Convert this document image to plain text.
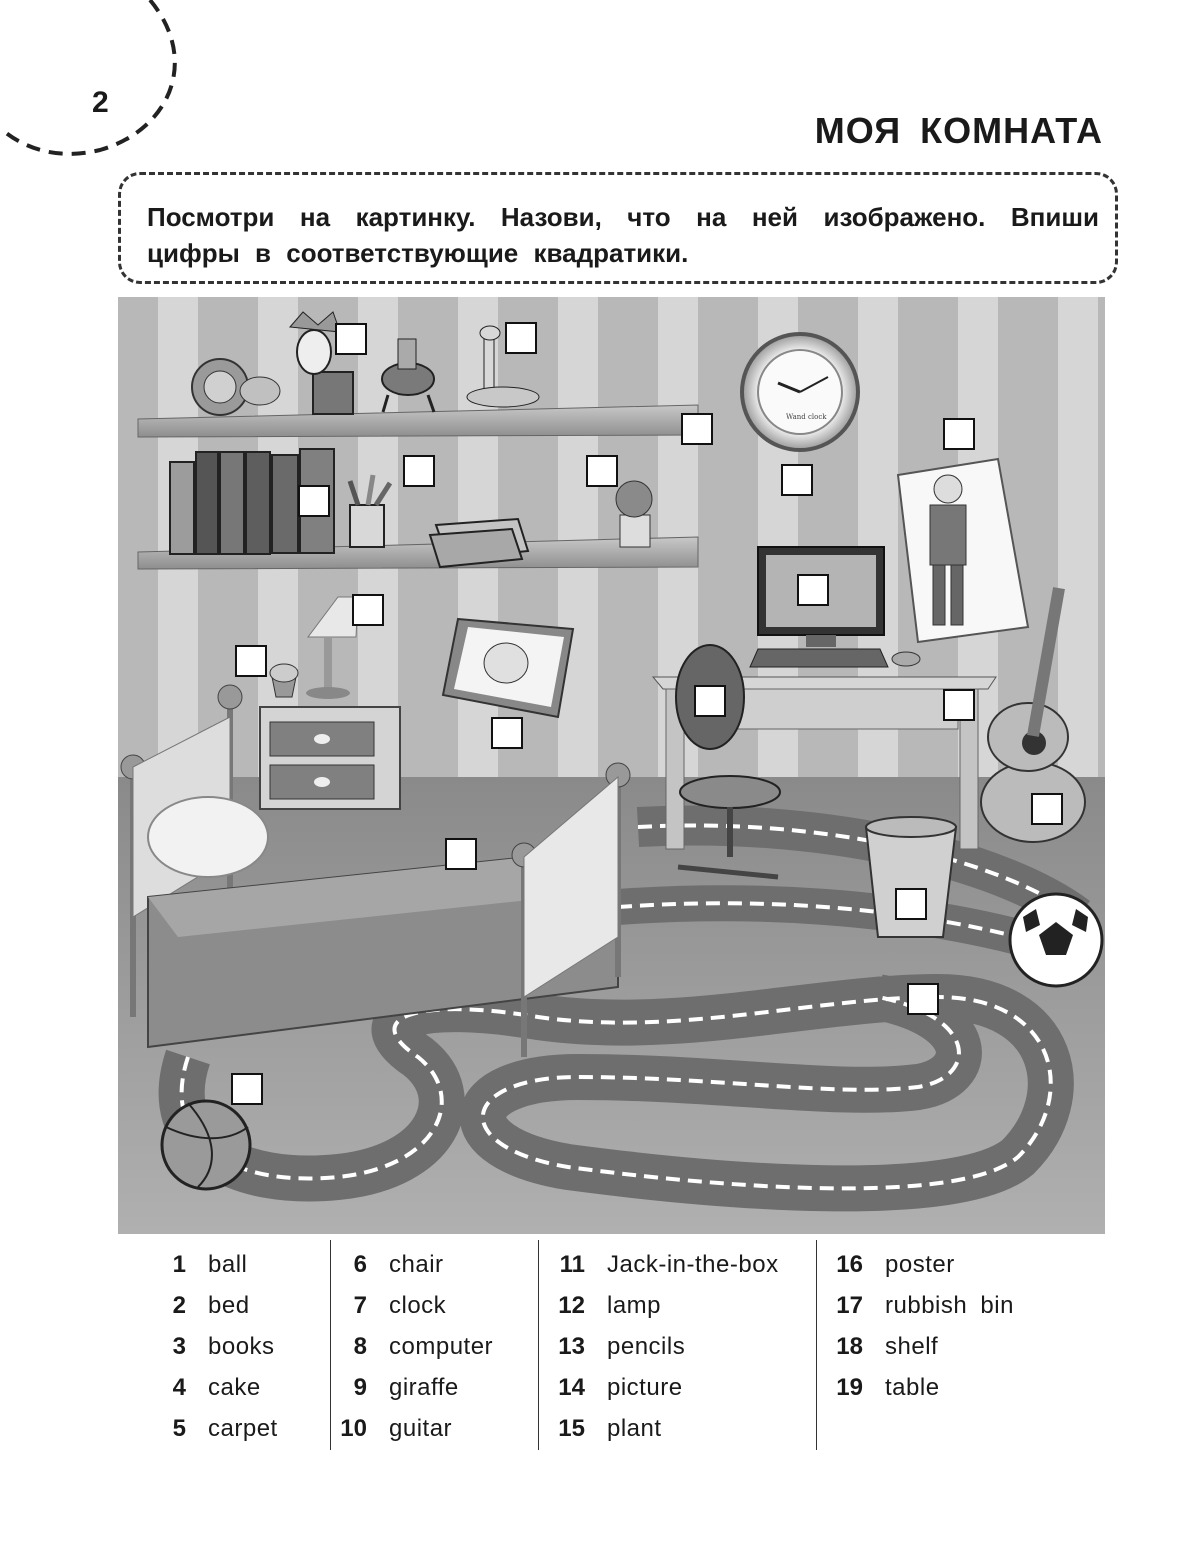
2
МОЯ КОМНАТА

Посмотри на картинку. Назови, что на ней изображено. Впиши цифры в соответствующие квадратики.

Wand clock
1 ball
2 bed
3 books
4 cake
5 carpet
6 chair
7 clock
8 computer
9 giraffe
10 guitar
11 Jack-in-the-box
12 lamp
13 pencils
14 picture
15 plant
16 poster
17 rubbish bin
18 shelf
19 table
